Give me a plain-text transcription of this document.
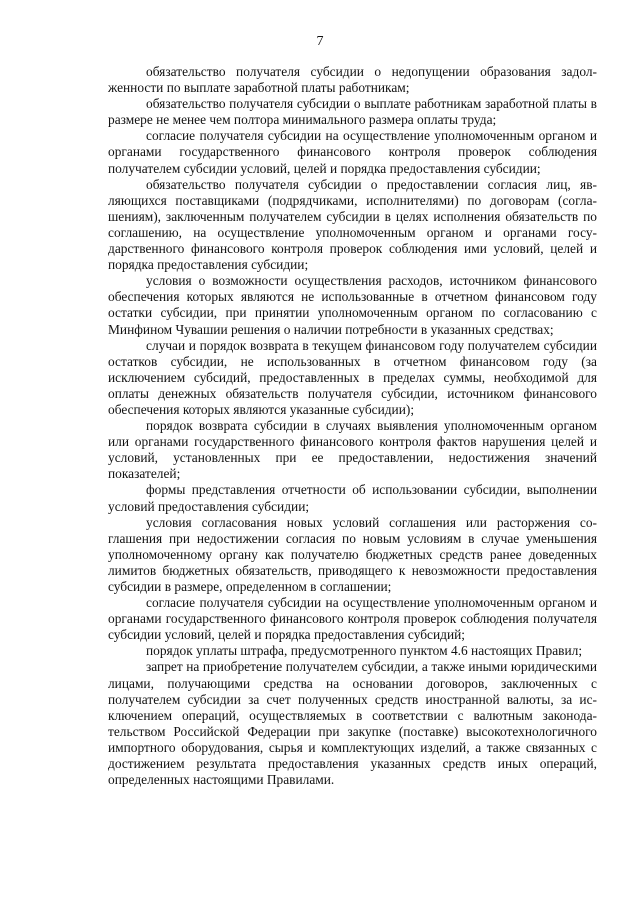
7

обязательство получателя субсидии о недопущении образования задолженности по выплате заработной платы работникам;

обязательство получателя субсидии о выплате работникам заработной платы в размере не менее чем полтора минимального размера оплаты труда;

согласие получателя субсидии на осуществление уполномоченным органом и органами государственного финансового контроля проверок соблюдения получателем субсидии условий, целей и порядка предоставления субсидии;

обязательство получателя субсидии о предоставлении согласия лиц, являющихся поставщиками (подрядчиками, исполнителями) по договорам (соглашениям), заключенным получателем субсидии в целях исполнения обязательств по соглашению, на осуществление уполномоченным органом и органами государственного финансового контроля проверок соблюдения ими условий, целей и порядка предоставления субсидии;

условия о возможности осуществления расходов, источником финансового обеспечения которых являются не использованные в отчетном финансовом году остатки субсидии, при принятии уполномоченным органом по согласованию с Минфином Чувашии решения о наличии потребности в указанных средствах;

случаи и порядок возврата в текущем финансовом году получателем субсидии остатков субсидии, не использованных в отчетном финансовом году (за исключением субсидий, предоставленных в пределах суммы, необходимой для оплаты денежных обязательств получателя субсидии, источником финансового обеспечения которых являются указанные субсидии);

порядок возврата субсидии в случаях выявления уполномоченным органом или органами государственного финансового контроля фактов нарушения целей и условий, установленных при ее предоставлении, недостижения значений показателей;

формы представления отчетности об использовании субсидии, выполнении условий предоставления субсидии;

условия согласования новых условий соглашения или расторжения соглашения при недостижении согласия по новым условиям в случае уменьшения уполномоченному органу как получателю бюджетных средств ранее доведенных лимитов бюджетных обязательств, приводящего к невозможности предоставления субсидии в размере, определенном в соглашении;

согласие получателя субсидии на осуществление уполномоченным органом и органами государственного финансового контроля проверок соблюдения получателя субсидии условий, целей и порядка предоставления субсидий;

порядок уплаты штрафа, предусмотренного пунктом 4.6 настоящих Правил;

запрет на приобретение получателем субсидии, а также иными юридическими лицами, получающими средства на основании договоров, заключенных с получателем субсидии за счет полученных средств иностранной валюты, за исключением операций, осуществляемых в соответствии с валютным законодательством Российской Федерации при закупке (поставке) высокотехнологичного импортного оборудования, сырья и комплектующих изделий, а также связанных с достижением результата предоставления указанных средств иных операций, определенных настоящими Правилами.
